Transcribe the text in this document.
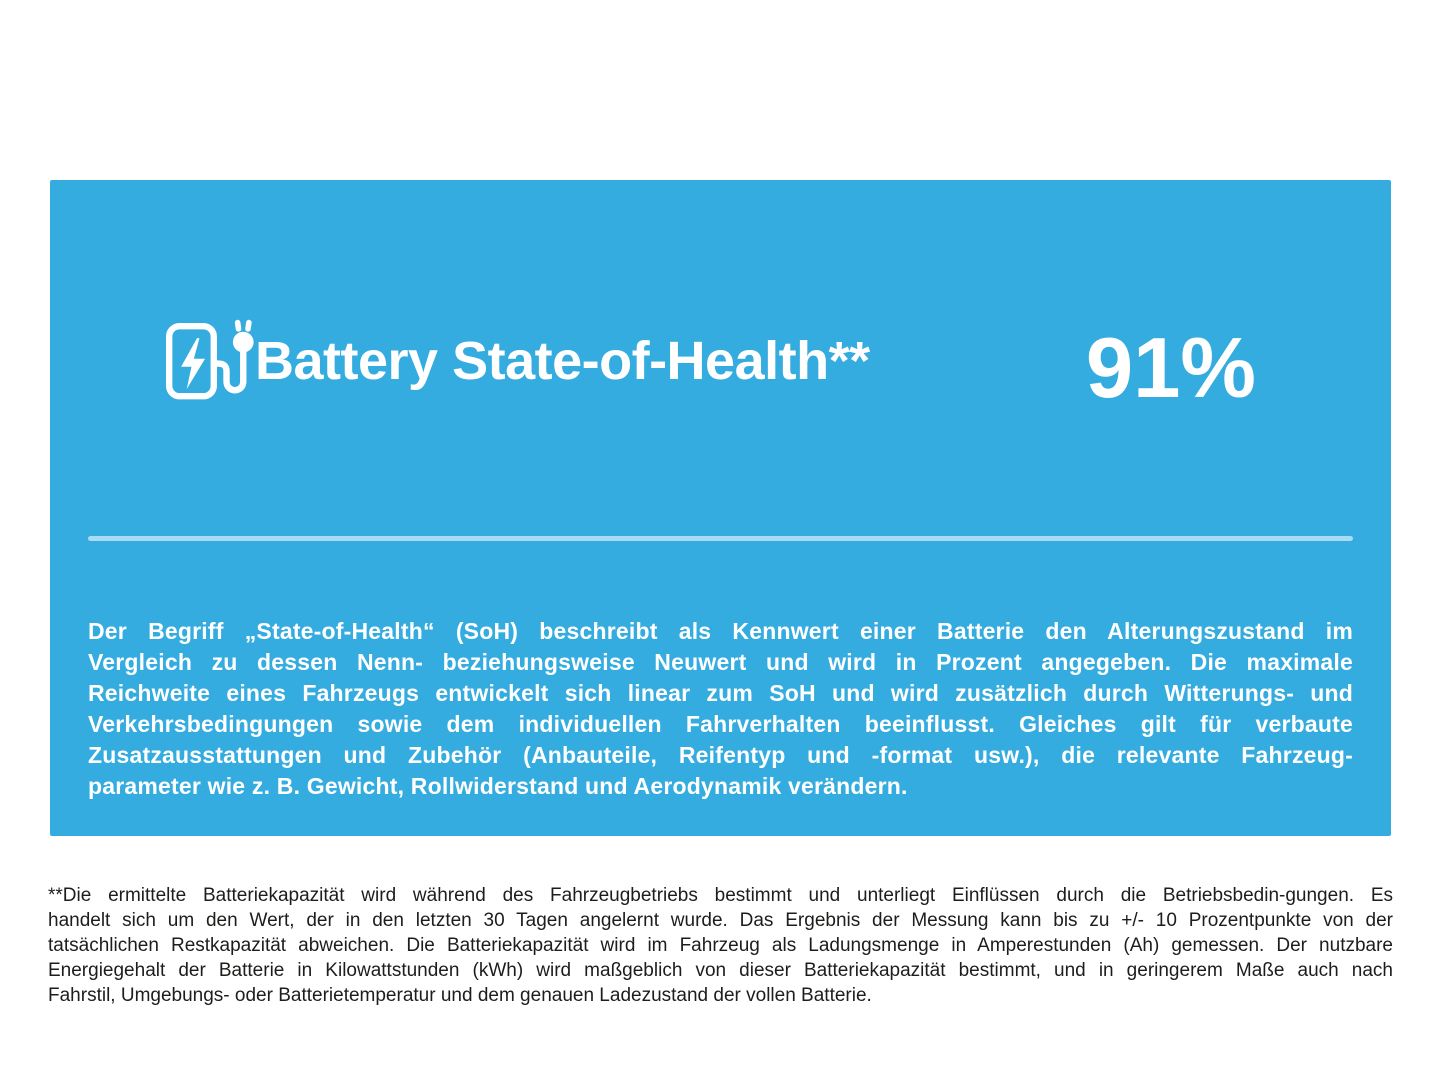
Battery State-of-Health**	91%
Der Begriff „State-of-Health“ (SoH) beschreibt als Kennwert einer Batterie den Alterungszustand im
Vergleich zu dessen Nenn- beziehungsweise Neuwert und wird in Prozent angegeben. Die maximale
Reichweite eines Fahrzeugs entwickelt sich linear zum SoH und wird zusätzlich durch Witterungs- und
Verkehrsbedingungen sowie dem individuellen Fahrverhalten beeinflusst. Gleiches gilt für verbaute
Zusatzausstattungen und Zubehör (Anbauteile, Reifentyp und -format usw.), die relevante Fahrzeug-
parameter wie z. B. Gewicht, Rollwiderstand und Aerodynamik verändern.
**Die ermittelte Batteriekapazität wird während des Fahrzeugbetriebs bestimmt und unterliegt Einflüssen durch die Betriebsbedin-gungen. Es
handelt sich um den Wert, der in den letzten 30 Tagen angelernt wurde. Das Ergebnis der Messung kann bis zu +/- 10 Prozentpunkte von der
tatsächlichen Restkapazität abweichen. Die Batteriekapazität wird im Fahrzeug als Ladungsmenge in Amperestunden (Ah) gemessen. Der nutzbare
Energiegehalt der Batterie in Kilowattstunden (kWh) wird maßgeblich von dieser Batteriekapazität bestimmt, und in geringerem Maße auch nach
Fahrstil, Umgebungs- oder Batterietemperatur und dem genauen Ladezustand der vollen Batterie.
